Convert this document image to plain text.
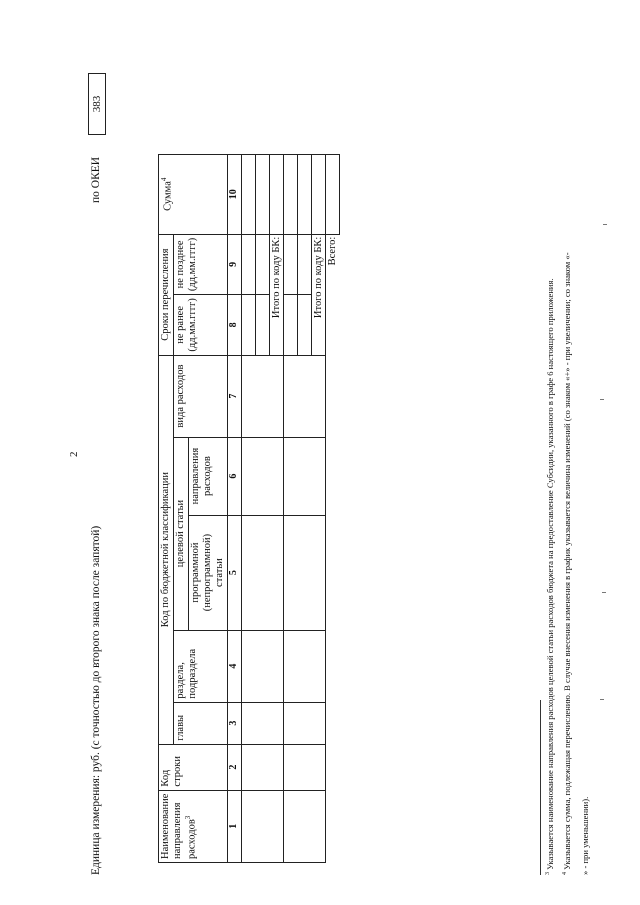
2
Единица измерения: руб. (с точностью до второго знака после запятой)
по ОКЕИ
383
Наименование направления расходов$^3$	Код строки	Код по бюджетной классификации					Сроки перечисления		Сумма$^4$
		главы	раздела, подраздела	целевой статьи		вида расходов	не ранее (дд.мм.гггг)	не позднее (дд.мм.гггг)	
				программной (непрограммной) статьи	направления расходов				
1	2	3	4	5	6	7	8	9	10

							Итого по коду БК:		

							Итого по коду БК:		
							Всего:		
$^3$ Указывается наименование направления расходов целевой статьи расходов бюджета на предоставление Субсидии, указанного в графе 6 настоящего приложения.
$^4$ Указывается сумма, подлежащая перечислению. В случае внесения изменения в график указывается величина изменений (со знаком «+» - при увеличении; со знаком «- » - при уменьшении).
